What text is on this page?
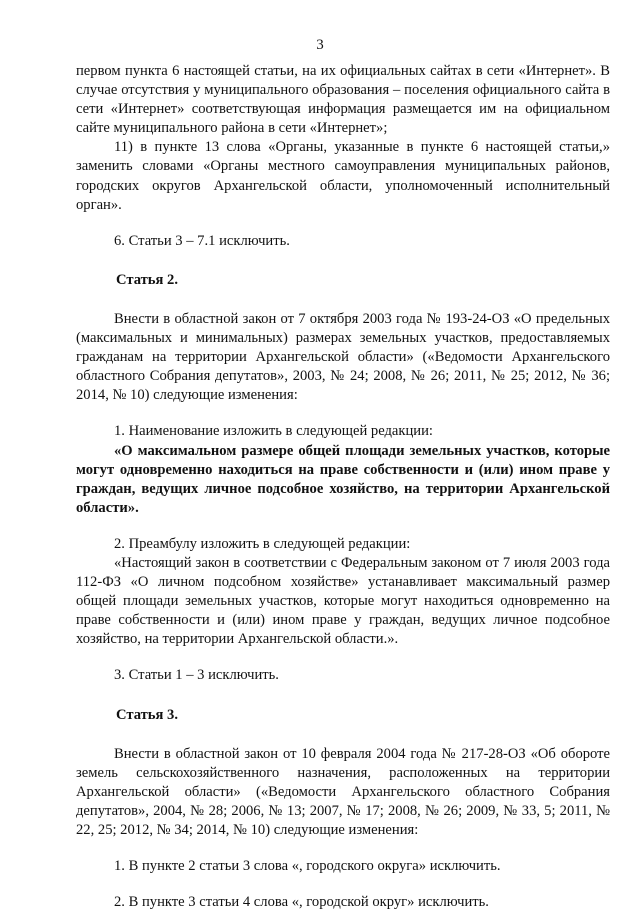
3

первом пункта 6 настоящей статьи, на их официальных сайтах в сети «Интернет». В случае отсутствия у муниципального образования – поселения официального сайта в сети «Интернет» соответствующая информация размещается им на официальном сайте муниципального района в сети «Интернет»;

11) в пункте 13 слова «Органы, указанные в пункте 6 настоящей статьи,» заменить словами «Органы местного самоуправления муниципальных районов, городских округов Архангельской области, уполномоченный исполнительный орган».

6. Статьи 3 – 7.1 исключить.

Статья 2.

Внести в областной закон от 7 октября 2003 года № 193-24-ОЗ «О предельных (максимальных и минимальных) размерах земельных участков, предоставляемых гражданам на территории Архангельской области» («Ведомости Архангельского областного Собрания депутатов», 2003, № 24; 2008, № 26; 2011, № 25; 2012, № 36; 2014, № 10) следующие изменения:

1. Наименование изложить в следующей редакции:

«О максимальном размере общей площади земельных участков, которые могут одновременно находиться на праве собственности и (или) ином праве у граждан, ведущих личное подсобное хозяйство, на территории Архангельской области».

2. Преамбулу изложить в следующей редакции:

«Настоящий закон в соответствии с Федеральным законом от 7 июля 2003 года 112-ФЗ «О личном подсобном хозяйстве» устанавливает максимальный размер общей площади земельных участков, которые могут находиться одновременно на праве собственности и (или) ином праве у граждан, ведущих личное подсобное хозяйство, на территории Архангельской области.».

3. Статьи 1 – 3 исключить.

Статья 3.

Внести в областной закон от 10 февраля 2004 года № 217-28-ОЗ «Об обороте земель сельскохозяйственного назначения, расположенных на территории Архангельской области» («Ведомости Архангельского областного Собрания депутатов», 2004, № 28; 2006, № 13; 2007, № 17; 2008, № 26; 2009, № 33, 5; 2011, № 22, 25; 2012, № 34; 2014, № 10) следующие изменения:

1. В пункте 2 статьи 3 слова «, городского округа» исключить.

2. В пункте 3 статьи 4 слова «, городской округ» исключить.
